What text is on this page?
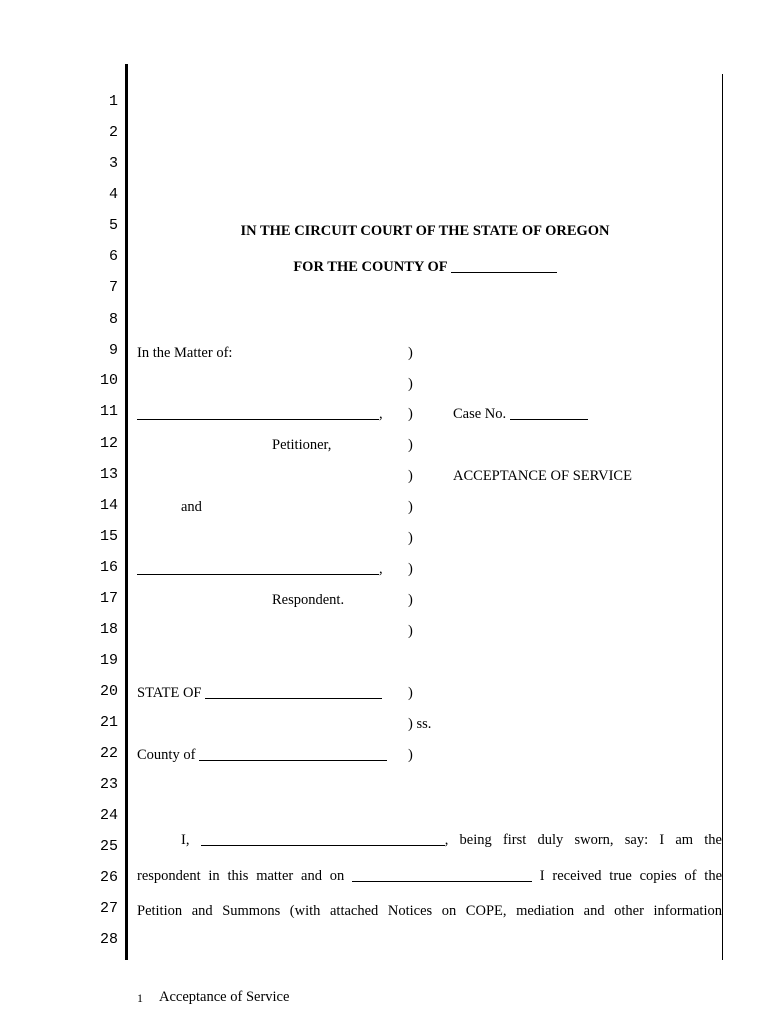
1
2
3
4
5
6
7
8
9
10
11
12
13
14
15
16
17
18
19
20
21
22
23
24
25
26
27
28
IN THE CIRCUIT COURT OF THE STATE OF OREGON
FOR THE COUNTY OF
In the Matter of:
,
Petitioner,
and
,
Respondent.
)
)
)
)
)
)
)
)
)
)
)
)
Case No.
ACCEPTANCE OF SERVICE
STATE OF
) ss.
County of
I,	, being first duly sworn, say: I am the
respondent in this matter and on	I received true copies of the
Petition and Summons (with attached Notices on COPE, mediation and other information
1 Acceptance of Service
